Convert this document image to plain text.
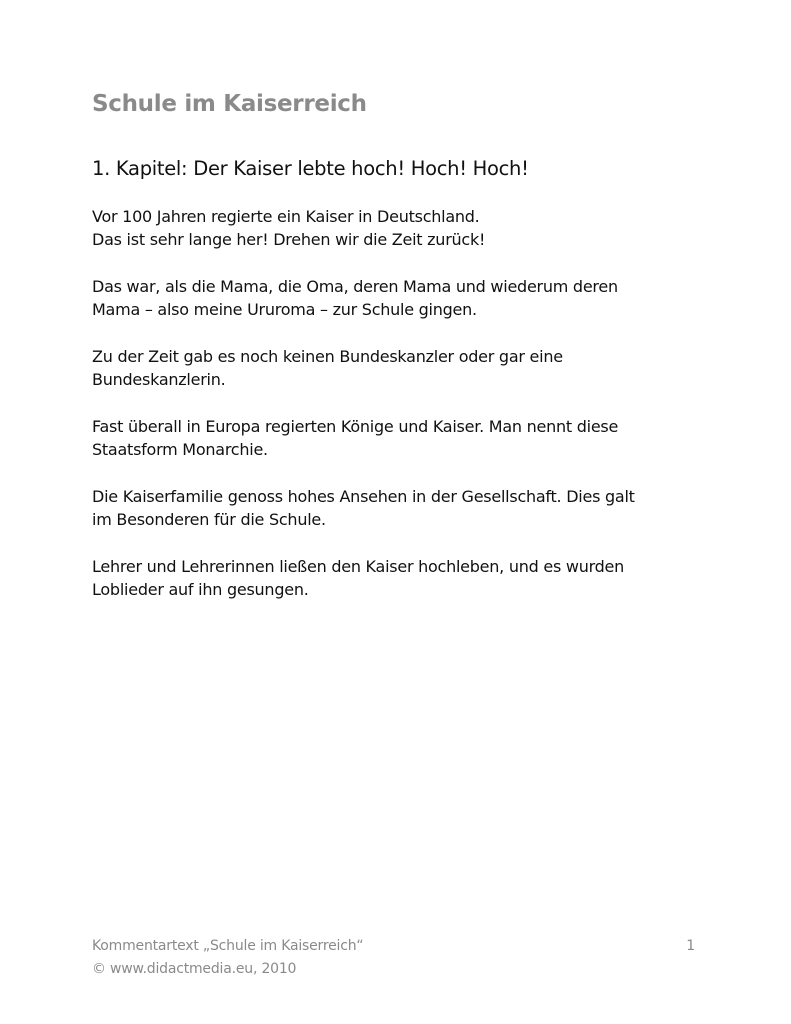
Schule im Kaiserreich
1. Kapitel: Der Kaiser lebte hoch! Hoch! Hoch!

Vor 100 Jahren regierte ein Kaiser in Deutschland.
Das ist sehr lange her! Drehen wir die Zeit zurück!

Das war, als die Mama, die Oma, deren Mama und wiederum deren
Mama – also meine Ururoma – zur Schule gingen.

Zu der Zeit gab es noch keinen Bundeskanzler oder gar eine
Bundeskanzlerin.

Fast überall in Europa regierten Könige und Kaiser. Man nennt diese
Staatsform Monarchie.

Die Kaiserfamilie genoss hohes Ansehen in der Gesellschaft. Dies galt
im Besonderen für die Schule.

Lehrer und Lehrerinnen ließen den Kaiser hochleben, und es wurden
Loblieder auf ihn gesungen.

Kommentartext „Schule im Kaiserreich“	1
© www.didactmedia.eu, 2010
